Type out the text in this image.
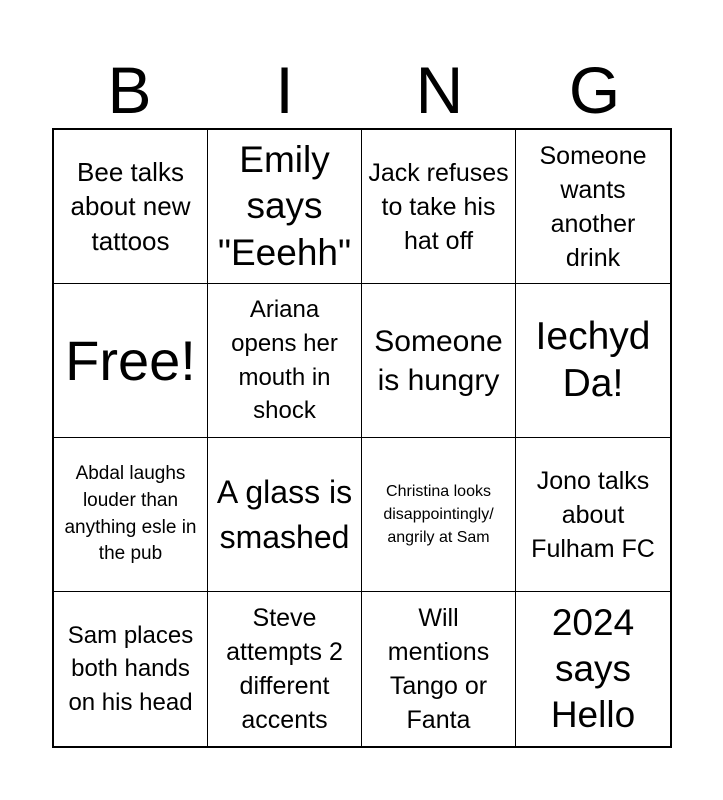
B	I	N	G
Bee talks about new tattoos
Emily says "Eeehh"
Jack refuses to take his hat off
Someone wants another drink
Free!
Ariana opens her mouth in shock
Someone is hungry
Iechyd Da!
Abdal laughs louder than anything esle in the pub
A glass is smashed
Christina looks disappointingly/ angrily at Sam
Jono talks about Fulham FC
Sam places both hands on his head
Steve attempts 2 different accents
Will mentions Tango or Fanta
2024 says Hello
